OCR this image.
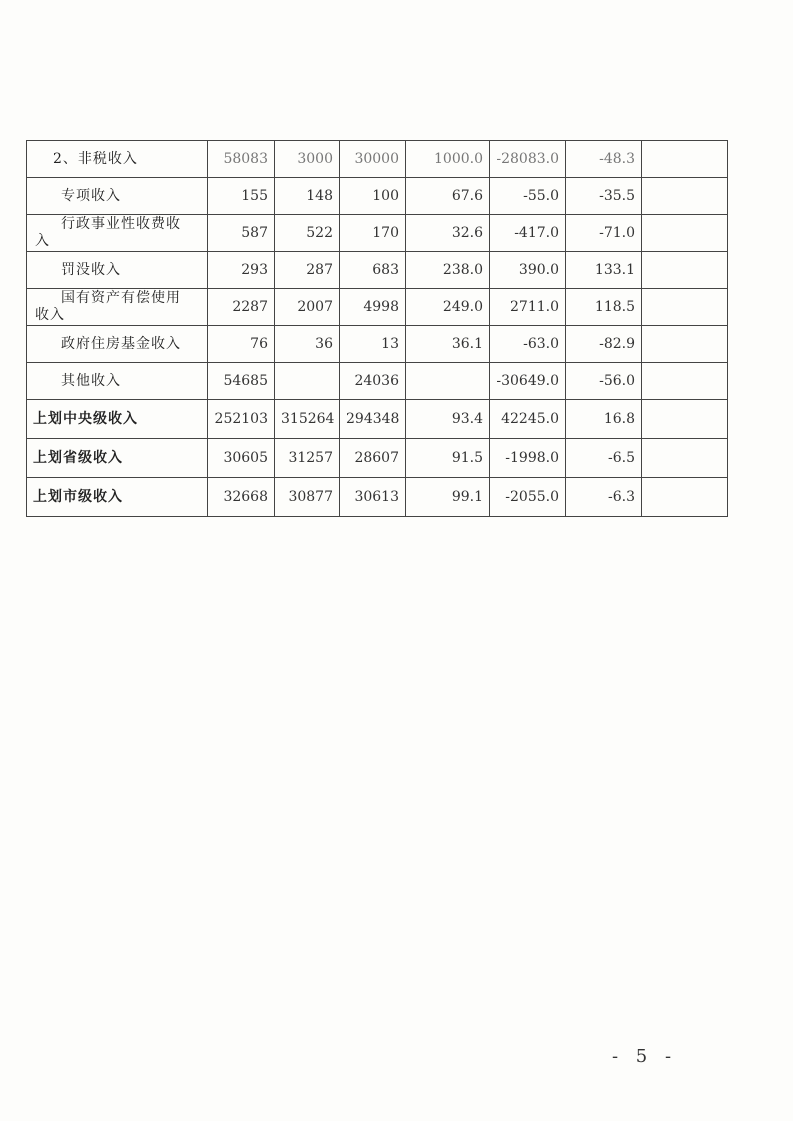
2、非税收入	58083	3000	30000	1000.0	-28083.0	-48.3	
专项收入	155	148	100	67.6	-55.0	-35.5	

行政事业性收费收
入	587	522	170	32.6	-417.0	-71.0	
罚没收入	293	287	683	238.0	390.0	133.1	

国有资产有偿使用
收入	2287	2007	4998	249.0	2711.0	118.5	
政府住房基金收入	76	36	13	36.1	-63.0	-82.9	
其他收入	54685		24036		-30649.0	-56.0	
上划中央级收入	252103	315264	294348	93.4	42245.0	16.8	
上划省级收入	30605	31257	28607	91.5	-1998.0	-6.5	
上划市级收入	32668	30877	30613	99.1	-2055.0	-6.3	
- 5 -
